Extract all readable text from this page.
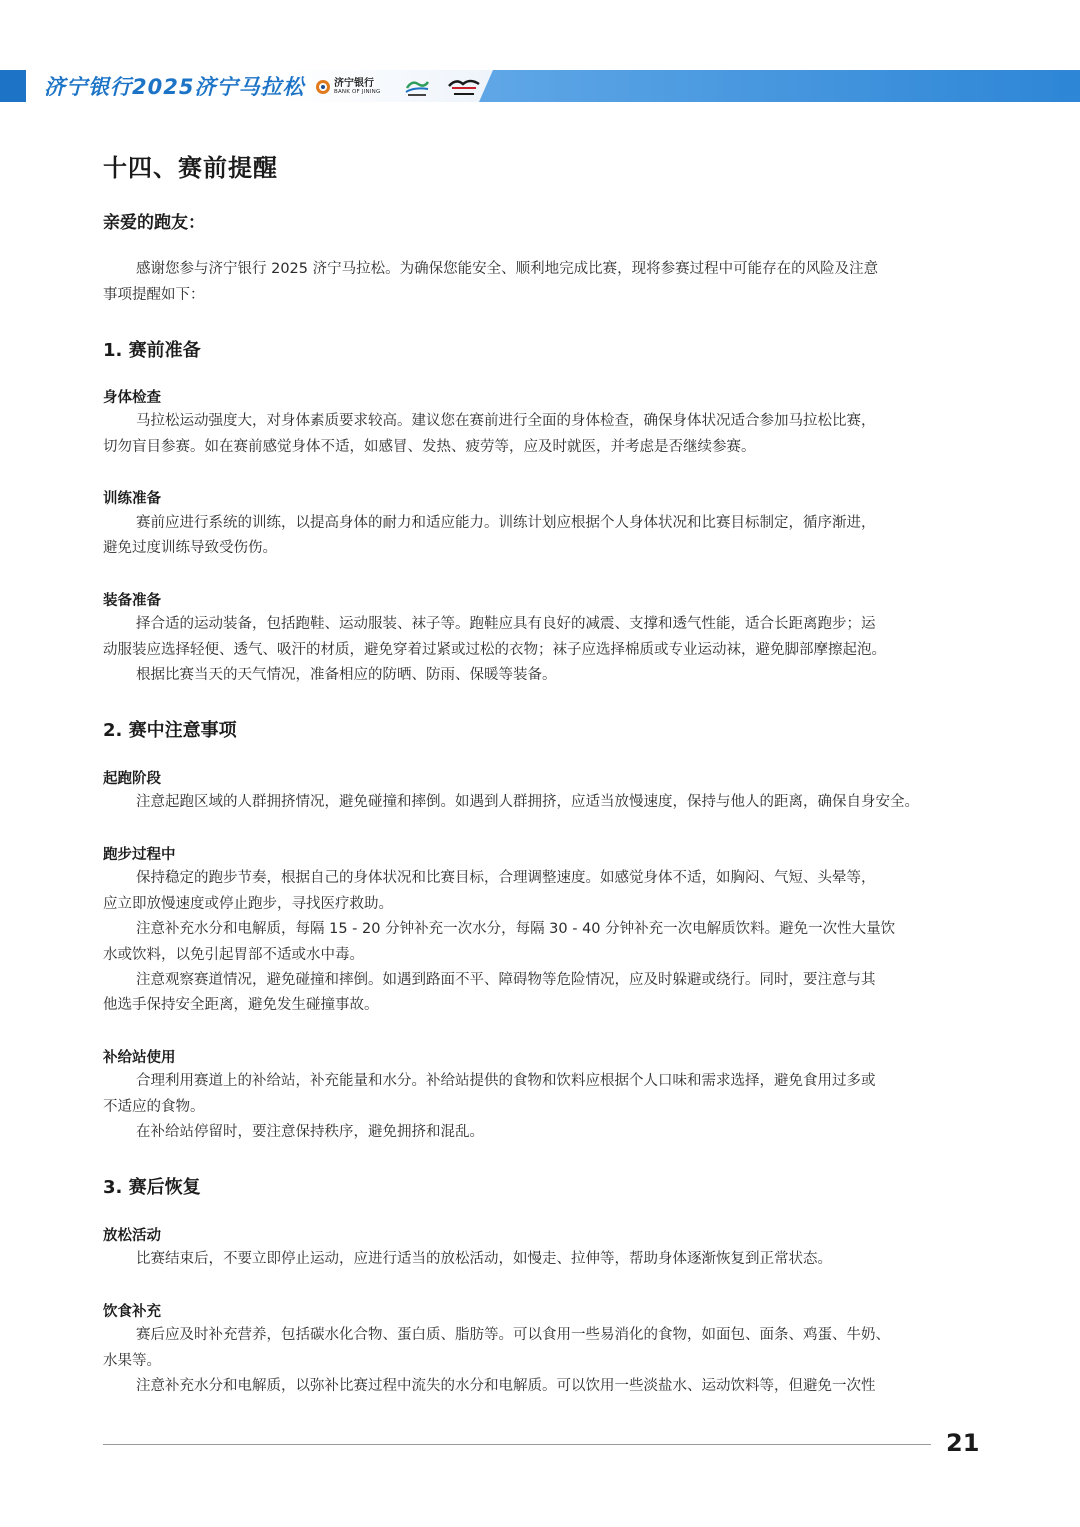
济宁银行2025济宁马拉松	济宁银行
BANK OF JINING
十四、赛前提醒
亲爱的跑友：
感谢您参与济宁银行 2025 济宁马拉松。为确保您能安全、顺利地完成比赛，现将参赛过程中可能存在的风险及注意
事项提醒如下：
1. 赛前准备
身体检查
马拉松运动强度大，对身体素质要求较高。建议您在赛前进行全面的身体检查，确保身体状况适合参加马拉松比赛，
切勿盲目参赛。如在赛前感觉身体不适，如感冒、发热、疲劳等，应及时就医，并考虑是否继续参赛。
训练准备
赛前应进行系统的训练，以提高身体的耐力和适应能力。训练计划应根据个人身体状况和比赛目标制定，循序渐进，
避免过度训练导致受伤伤。
装备准备
择合适的运动装备，包括跑鞋、运动服装、袜子等。跑鞋应具有良好的减震、支撑和透气性能，适合长距离跑步；运
动服装应选择轻便、透气、吸汗的材质，避免穿着过紧或过松的衣物；袜子应选择棉质或专业运动袜，避免脚部摩擦起泡。
根据比赛当天的天气情况，准备相应的防晒、防雨、保暖等装备。
2. 赛中注意事项
起跑阶段
注意起跑区域的人群拥挤情况，避免碰撞和摔倒。如遇到人群拥挤，应适当放慢速度，保持与他人的距离，确保自身安全。
跑步过程中
保持稳定的跑步节奏，根据自己的身体状况和比赛目标，合理调整速度。如感觉身体不适，如胸闷、气短、头晕等，
应立即放慢速度或停止跑步，寻找医疗救助。
注意补充水分和电解质，每隔 15 - 20 分钟补充一次水分，每隔 30 - 40 分钟补充一次电解质饮料。避免一次性大量饮
水或饮料，以免引起胃部不适或水中毒。
注意观察赛道情况，避免碰撞和摔倒。如遇到路面不平、障碍物等危险情况，应及时躲避或绕行。同时，要注意与其
他选手保持安全距离，避免发生碰撞事故。
补给站使用
合理利用赛道上的补给站，补充能量和水分。补给站提供的食物和饮料应根据个人口味和需求选择，避免食用过多或
不适应的食物。
在补给站停留时，要注意保持秩序，避免拥挤和混乱。
3. 赛后恢复
放松活动
比赛结束后，不要立即停止运动，应进行适当的放松活动，如慢走、拉伸等，帮助身体逐渐恢复到正常状态。
饮食补充
赛后应及时补充营养，包括碳水化合物、蛋白质、脂肪等。可以食用一些易消化的食物，如面包、面条、鸡蛋、牛奶、
水果等。
注意补充水分和电解质，以弥补比赛过程中流失的水分和电解质。可以饮用一些淡盐水、运动饮料等，但避免一次性
21
